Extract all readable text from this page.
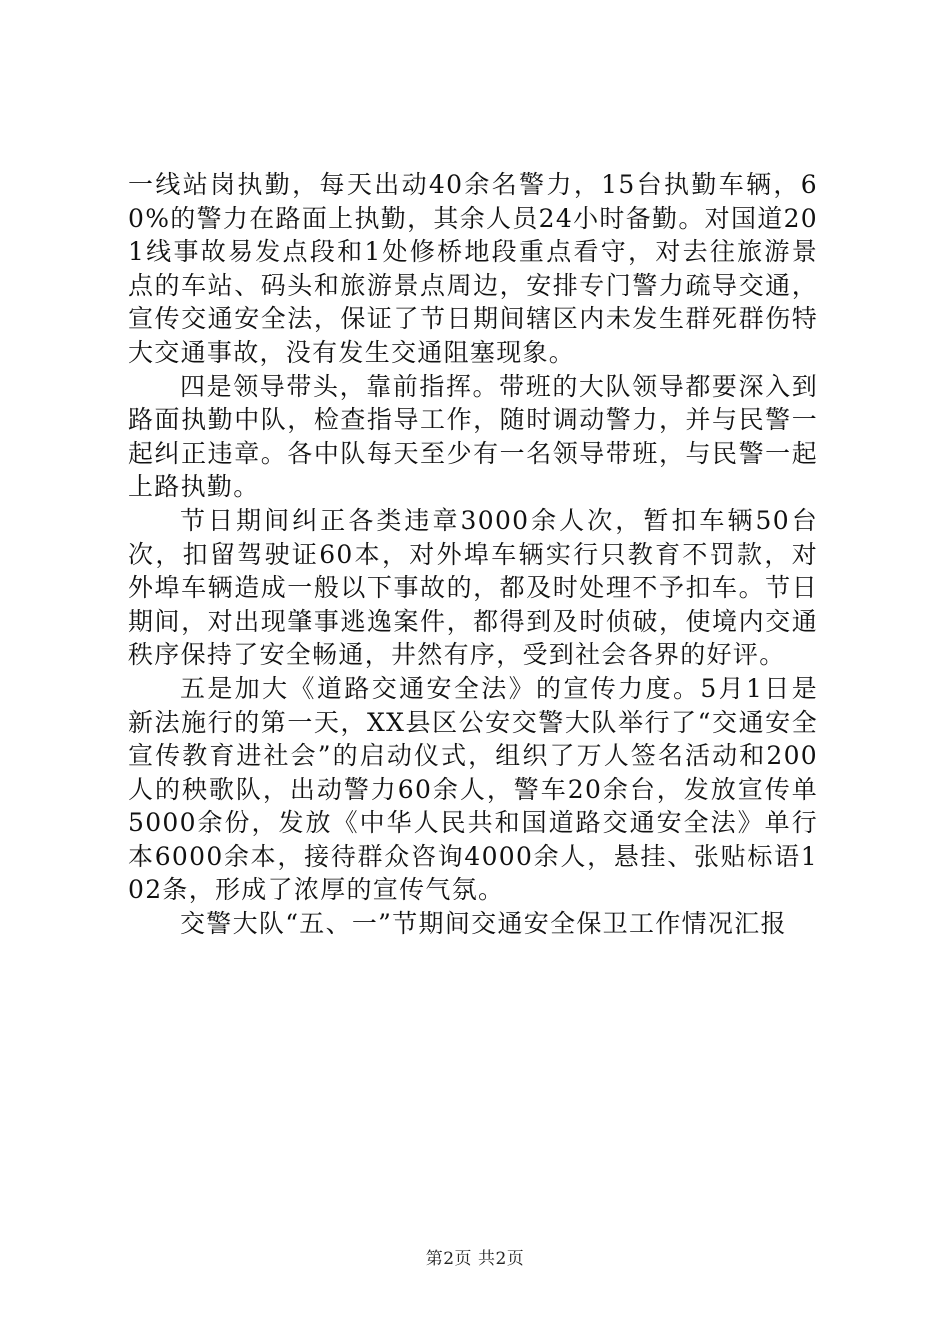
一线站岗执勤，每天出动40余名警力，15台执勤车辆，60%的警力在路面上执勤，其余人员24小时备勤。对国道201线事故易发点段和1处修桥地段重点看守，对去往旅游景点的车站、码头和旅游景点周边，安排专门警力疏导交通，宣传交通安全法，保证了节日期间辖区内未发生群死群伤特大交通事故，没有发生交通阻塞现象。

四是领导带头，靠前指挥。带班的大队领导都要深入到路面执勤中队，检查指导工作，随时调动警力，并与民警一起纠正违章。各中队每天至少有一名领导带班，与民警一起上路执勤。

节日期间纠正各类违章3000余人次，暂扣车辆50台次，扣留驾驶证60本，对外埠车辆实行只教育不罚款，对外埠车辆造成一般以下事故的，都及时处理不予扣车。节日期间，对出现肇事逃逸案件，都得到及时侦破，使境内交通秩序保持了安全畅通，井然有序，受到社会各界的好评。

五是加大《道路交通安全法》的宣传力度。5月1日是新法施行的第一天，XX县区公安交警大队举行了“交通安全宣传教育进社会”的启动仪式，组织了万人签名活动和200人的秧歌队，出动警力60余人，警车20余台，发放宣传单5000余份，发放《中华人民共和国道路交通安全法》单行本6000余本，接待群众咨询4000余人，悬挂、张贴标语102条，形成了浓厚的宣传气氛。

交警大队“五、一”节期间交通安全保卫工作情况汇报

第2页 共2页
